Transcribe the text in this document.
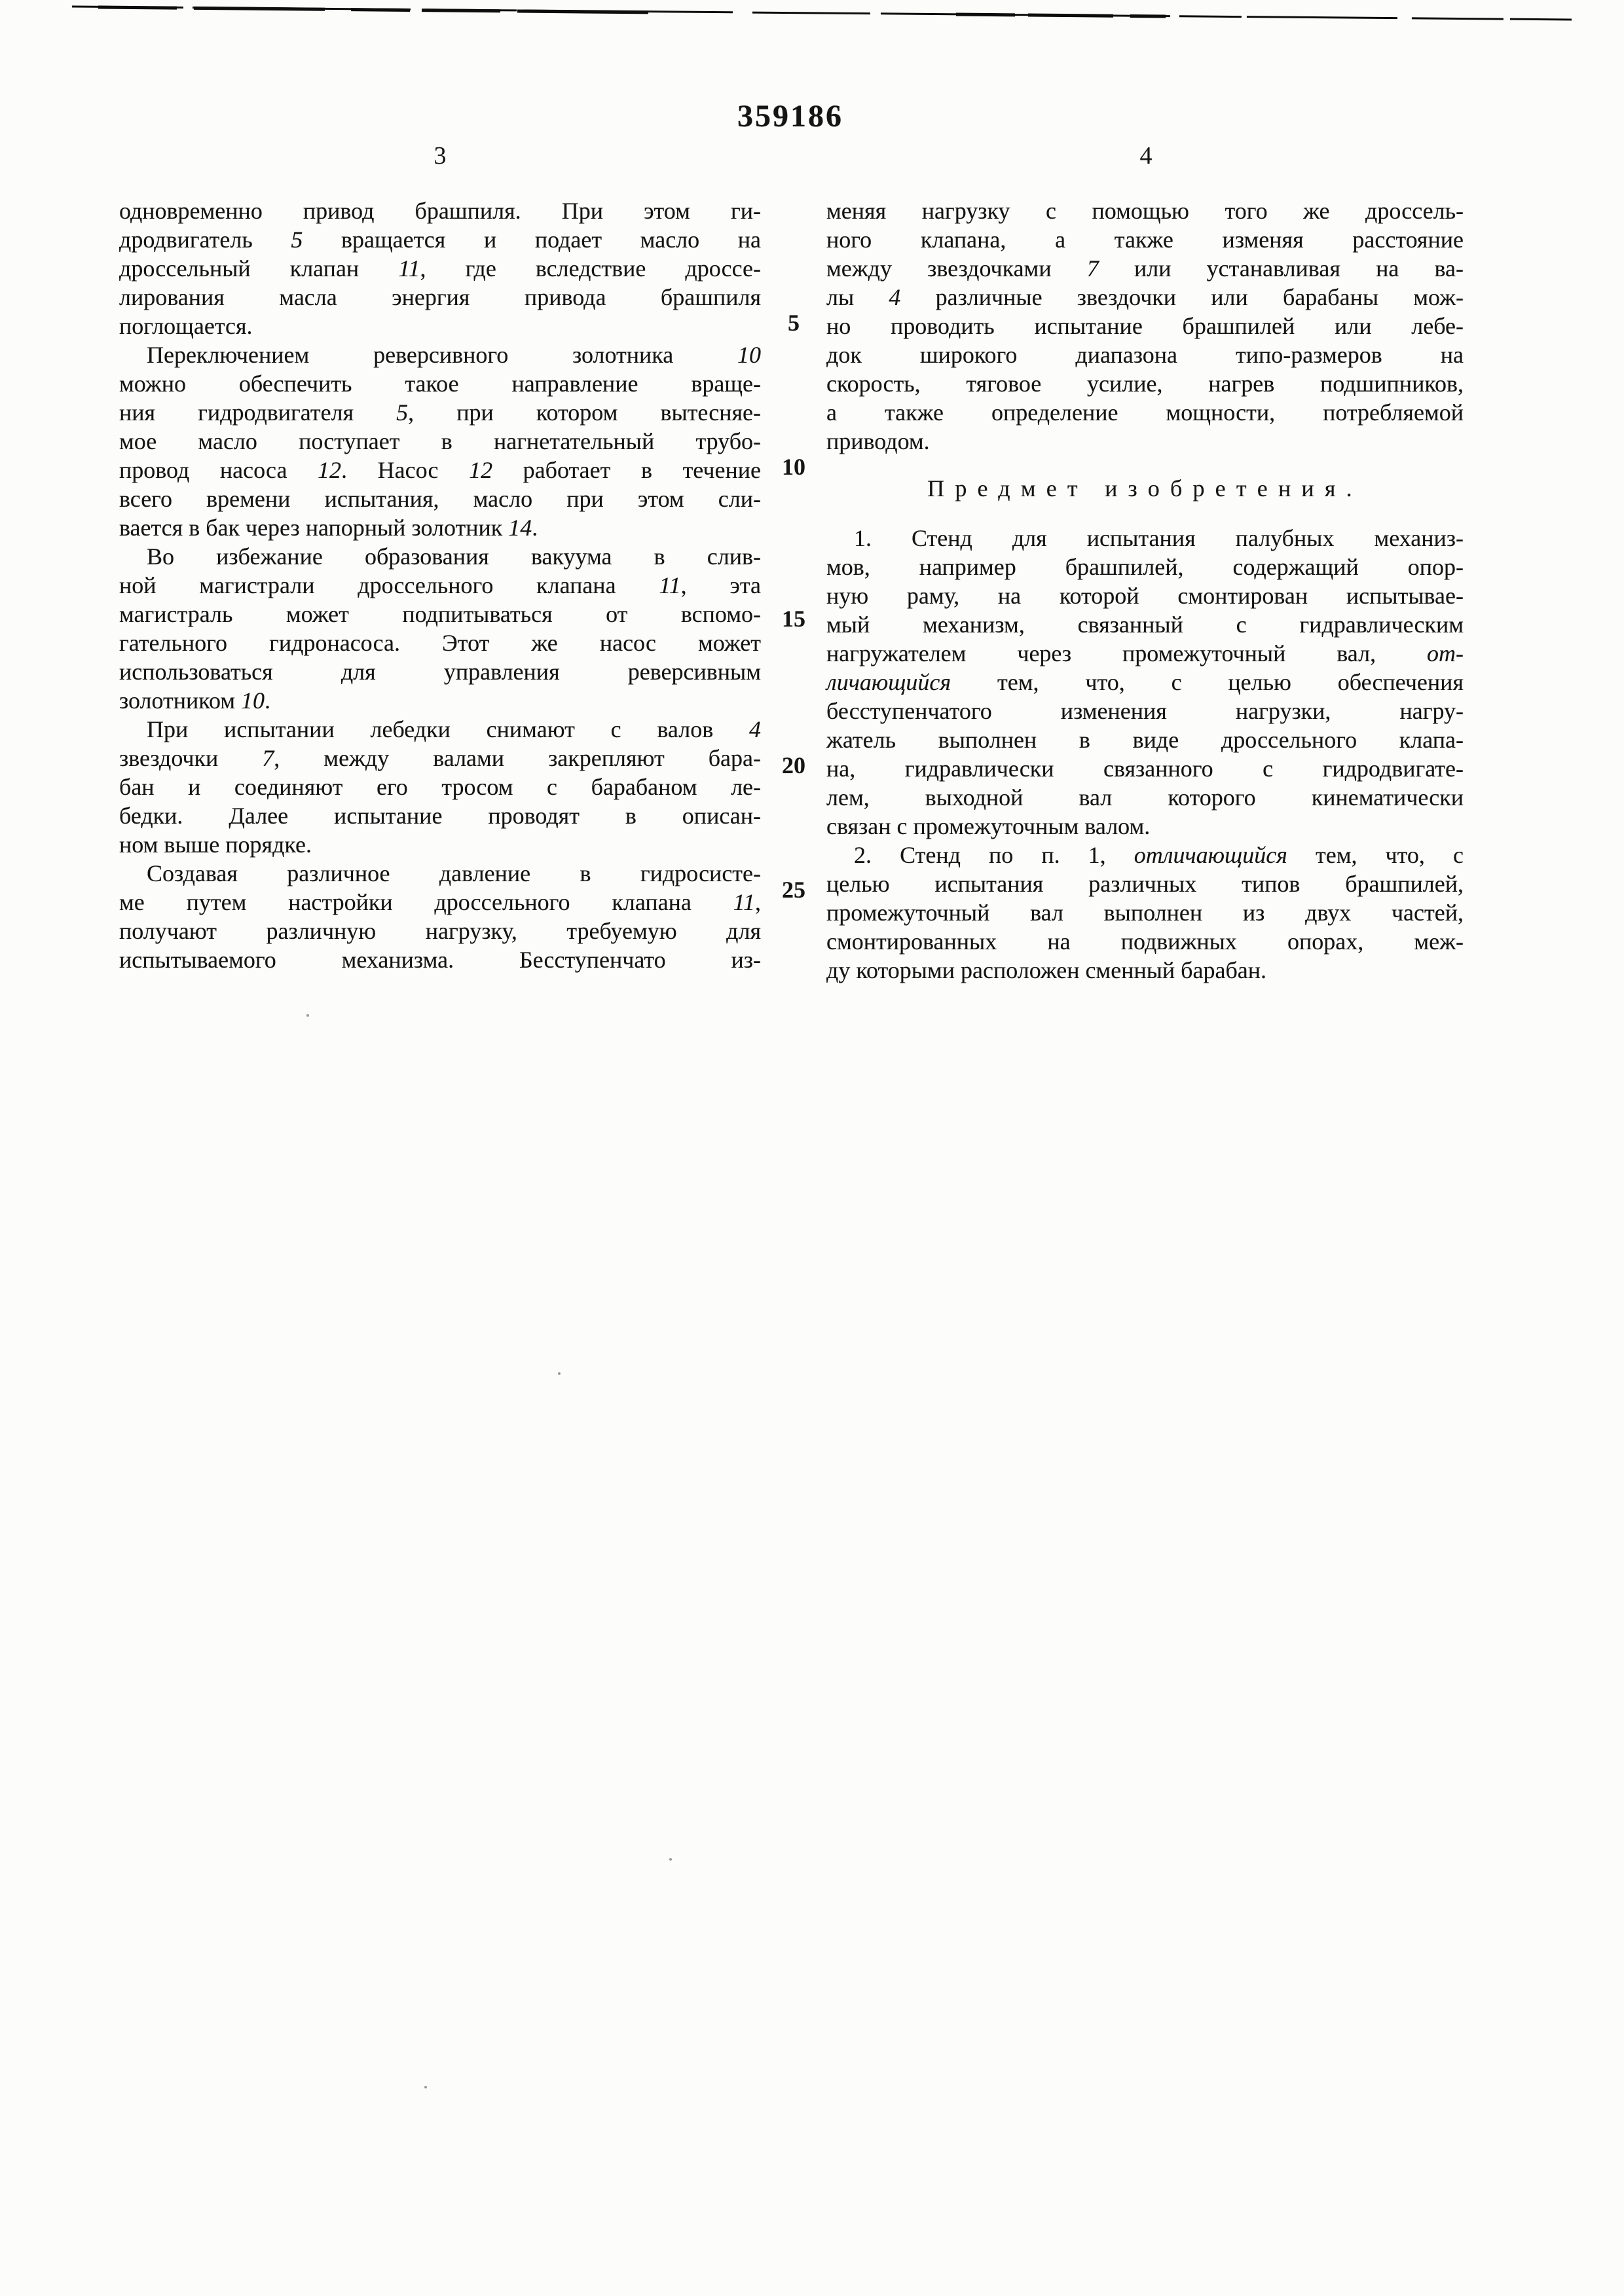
359186
3	4
одновременно привод брашпиля. При этом ги-
дродвигатель 5 вращается и подает масло на
дроссельный клапан 11, где вследствие дроссе-
лирования масла энергия привода брашпиля
поглощается.
Переключением реверсивного золотника 10
можно обеспечить такое направление враще-
ния гидродвигателя 5, при котором вытесняе-
мое масло поступает в нагнетательный трубо-
провод насоса 12. Насос 12 работает в течение
всего времени испытания, масло при этом сли-
вается в бак через напорный золотник 14.
Во избежание образования вакуума в слив-
ной магистрали дроссельного клапана 11, эта
магистраль может подпитываться от вспомо-
гательного гидронасоса. Этот же насос может
использоваться для управления реверсивным
золотником 10.
При испытании лебедки снимают с валов 4
звездочки 7, между валами закрепляют бара-
бан и соединяют его тросом с барабаном ле-
бедки. Далее испытание проводят в описан-
ном выше порядке.
Создавая различное давление в гидросисте-
ме путем настройки дроссельного клапана 11,
получают различную нагрузку, требуемую для
испытываемого механизма. Бесступенчато из-
меняя нагрузку с помощью того же дроссель-
ного клапана, а также изменяя расстояние
между звездочками 7 или устанавливая на ва-
лы 4 различные звездочки или барабаны мож-
но проводить испытание брашпилей или лебе-
док широкого диапазона типо-размеров на
скорость, тяговое усилие, нагрев подшипников,
а также определение мощности, потребляемой
приводом.
Предмет изобретения.
1. Стенд для испытания палубных механиз-
мов, например брашпилей, содержащий опор-
ную раму, на которой смонтирован испытывае-
мый механизм, связанный с гидравлическим
нагружателем через промежуточный вал, от-
личающийся тем, что, с целью обеспечения
бесступенчатого изменения нагрузки, нагру-
жатель выполнен в виде дроссельного клапа-
на, гидравлически связанного с гидродвигате-
лем, выходной вал которого кинематически
связан с промежуточным валом.
2. Стенд по п. 1, отличающийся тем, что, с
целью испытания различных типов брашпилей,
промежуточный вал выполнен из двух частей,
смонтированных на подвижных опорах, меж-
ду которыми расположен сменный барабан.
5
10
15
20
25
